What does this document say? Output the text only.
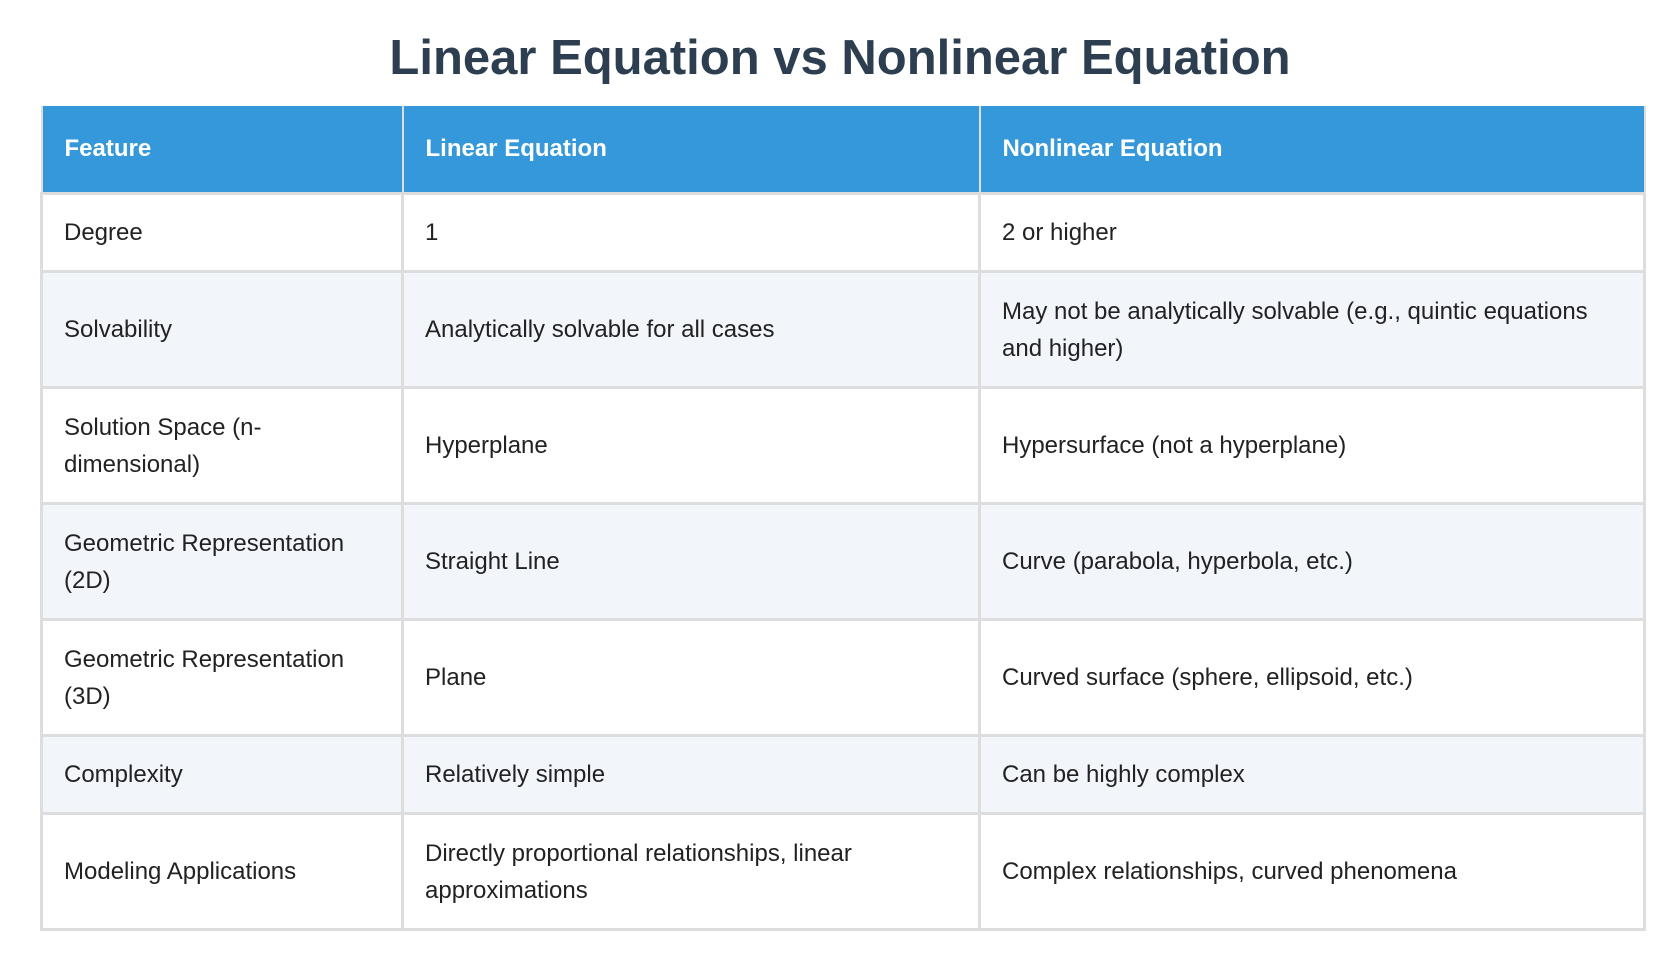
Linear Equation vs Nonlinear Equation
Feature	Linear Equation	Nonlinear Equation
Degree	1	2 or higher
Solvability	Analytically solvable for all cases	May not be analytically solvable (e.g., quintic equations and higher)
Solution Space (n-dimensional)	Hyperplane	Hypersurface (not a hyperplane)
Geometric Representation (2D)	Straight Line	Curve (parabola, hyperbola, etc.)
Geometric Representation (3D)	Plane	Curved surface (sphere, ellipsoid, etc.)
Complexity	Relatively simple	Can be highly complex
Modeling Applications	Directly proportional relationships, linear approximations	Complex relationships, curved phenomena
